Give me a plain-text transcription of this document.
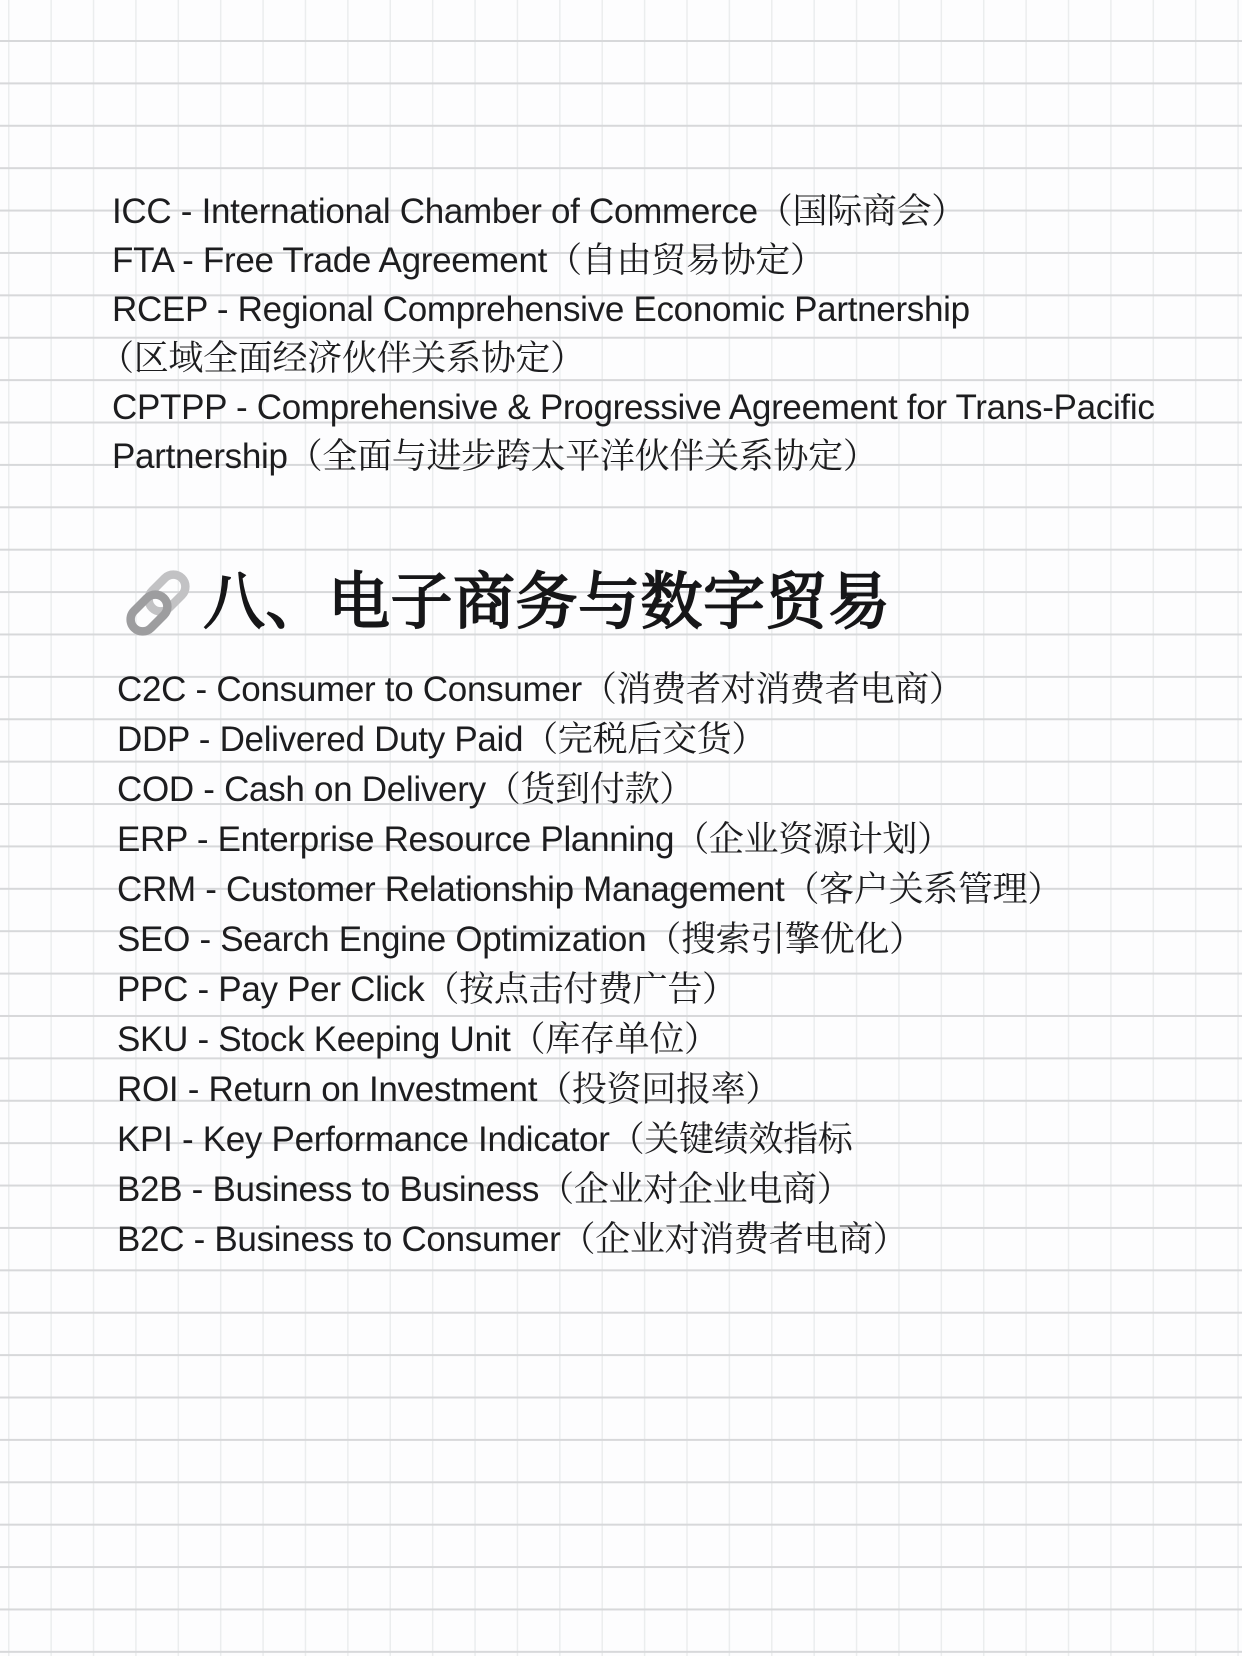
ICC - International Chamber of Commerce（国际商会）

FTA - Free Trade Agreement（自由贸易协定）

RCEP - Regional Comprehensive Economic Partnership

（区域全面经济伙伴关系协定）

CPTPP - Comprehensive & Progressive Agreement for Trans-Pacific

Partnership（全面与进步跨太平洋伙伴关系协定）

八、电子商务与数字贸易

C2C - Consumer to Consumer（消费者对消费者电商）

DDP - Delivered Duty Paid（完税后交货）

COD - Cash on Delivery（货到付款）

ERP - Enterprise Resource Planning（企业资源计划）

CRM - Customer Relationship Management（客户关系管理）

SEO - Search Engine Optimization（搜索引擎优化）

PPC - Pay Per Click（按点击付费广告）

SKU - Stock Keeping Unit（库存单位）

ROI - Return on Investment（投资回报率）

KPI - Key Performance Indicator（关键绩效指标

B2B - Business to Business（企业对企业电商）

B2C - Business to Consumer（企业对消费者电商）
